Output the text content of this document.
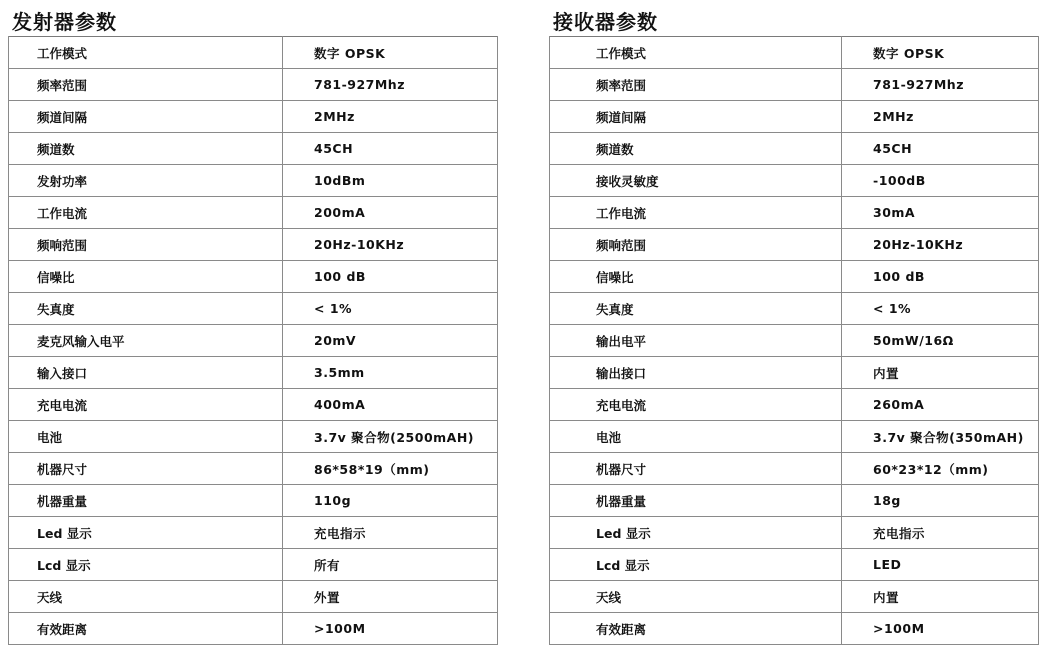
发射器参数
工作模式	数字 OPSK
频率范围	781-927Mhz
频道间隔	2MHz
频道数	45CH
发射功率	10dBm
工作电流	200mA
频响范围	20Hz-10KHz
信噪比	100 dB
失真度	< 1%
麦克风输入电平	20mV
输入接口	3.5mm
充电电流	400mA
电池	3.7v 聚合物(2500mAH)
机器尺寸	86*58*19（mm)
机器重量	110g
Led 显示	充电指示
Lcd 显示	所有
天线	外置
有效距离	>100M
接收器参数
工作模式	数字 OPSK
频率范围	781-927Mhz
频道间隔	2MHz
频道数	45CH
接收灵敏度	-100dB
工作电流	30mA
频响范围	20Hz-10KHz
信噪比	100 dB
失真度	< 1%
输出电平	50mW/16Ω
输出接口	内置
充电电流	260mA
电池	3.7v 聚合物(350mAH)
机器尺寸	60*23*12（mm)
机器重量	18g
Led 显示	充电指示
Lcd 显示	LED
天线	内置
有效距离	>100M
